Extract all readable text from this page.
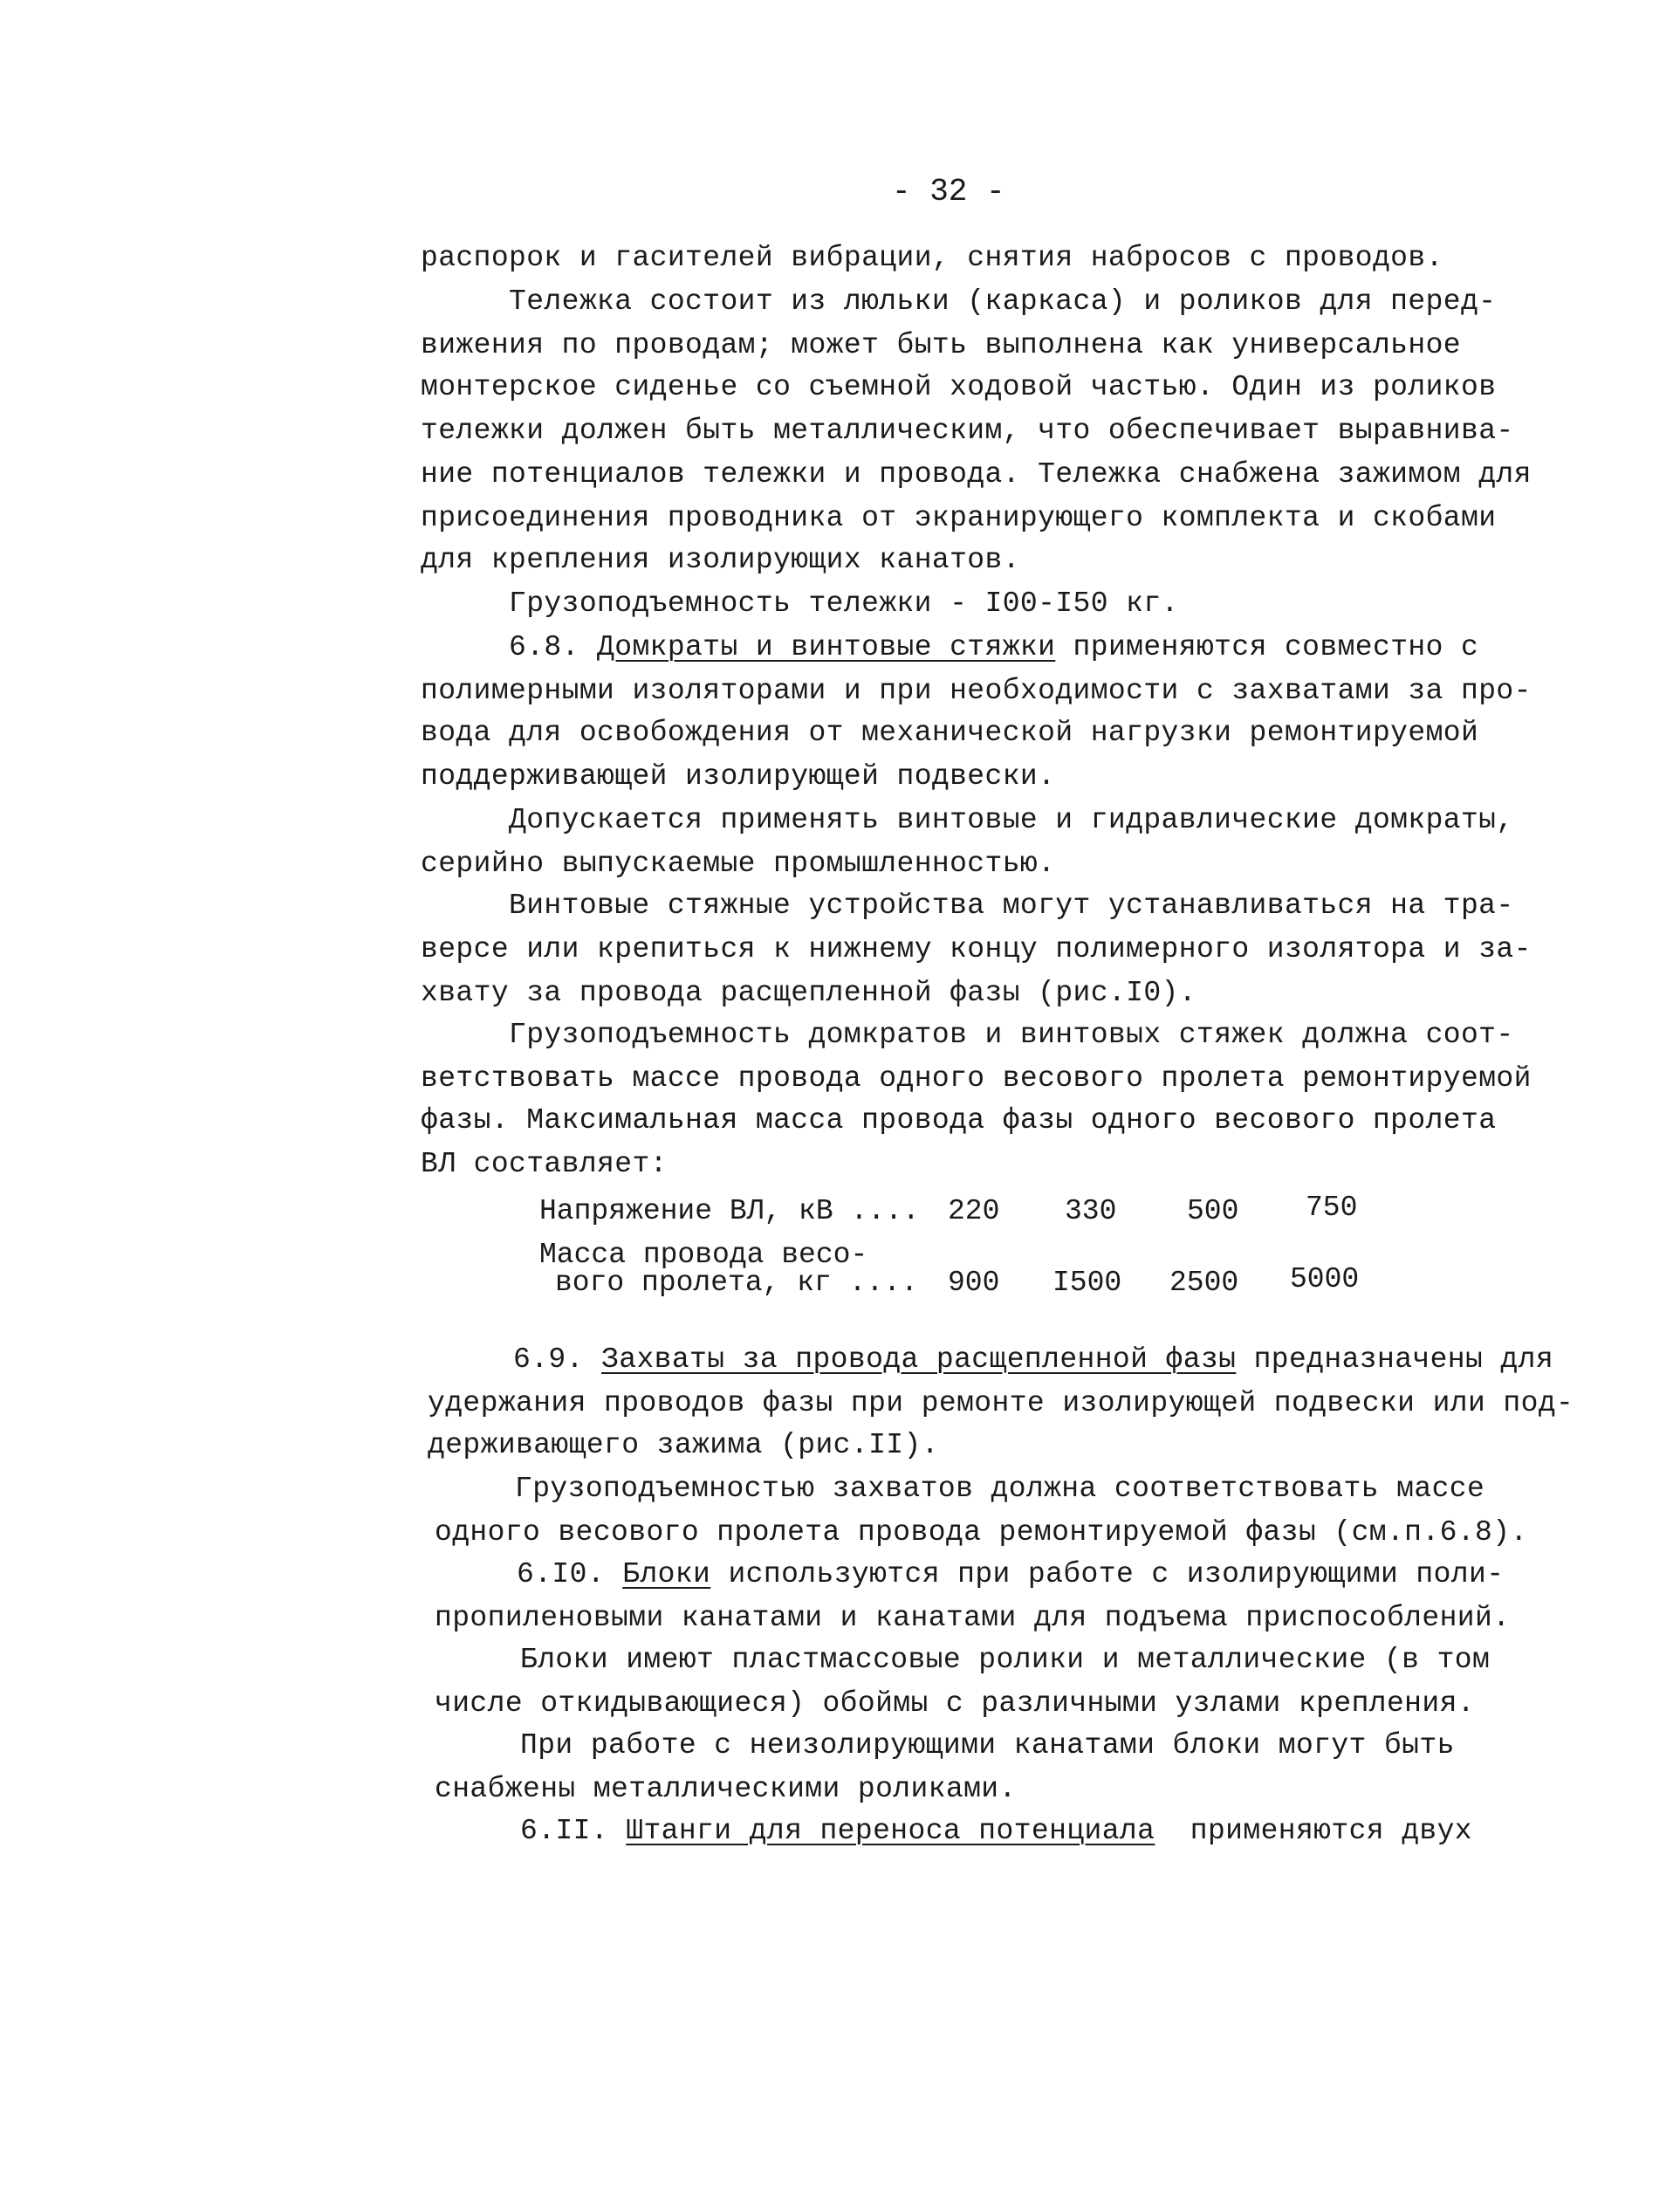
- 32 -
распорок и гасителей вибрации, снятия набросов с проводов.
Тележка состоит из люльки (каркаса) и роликов для перед-
вижения по проводам; может быть выполнена как универсальное
монтерское сиденье со съемной ходовой частью. Один из роликов
тележки должен быть металлическим, что обеспечивает выравнива-
ние потенциалов тележки и провода. Тележка снабжена зажимом для
присоединения проводника от экранирующего комплекта и скобами
для крепления изолирующих канатов.
Грузоподъемность тележки - I00-I50 кг.
6.8. Домкраты и винтовые стяжки применяются совместно с
полимерными изоляторами и при необходимости с захватами за про-
вода для освобождения от механической нагрузки ремонтируемой
поддерживающей изолирующей подвески.
Допускается применять винтовые и гидравлические домкраты,
серийно выпускаемые промышленностью.
Винтовые стяжные устройства могут устанавливаться на тра-
версе или крепиться к нижнему концу полимерного изолятора и за-
хвату за провода расщепленной фазы (рис.I0).
Грузоподъемность домкратов и винтовых стяжек должна соот-
ветствовать массе провода одного весового пролета ремонтируемой
фазы. Максимальная масса провода фазы одного весового пролета
ВЛ составляет:
Напряжение ВЛ, кВ .... 220 330 500 750
Масса провода весо-
вого пролета, кг .... 900 I500 2500 5000
6.9. Захваты за провода расщепленной фазы предназначены для
удержания проводов фазы при ремонте изолирующей подвески или под-
держивающего зажима (рис.II).
Грузоподъемностью захватов должна соответствовать массе
одного весового пролета провода ремонтируемой фазы (см.п.6.8).
6.I0. Блоки используются при работе с изолирующими поли-
пропиленовыми канатами и канатами для подъема приспособлений.
Блоки имеют пластмассовые ролики и металлические (в том
числе откидывающиеся) обоймы с различными узлами крепления.
При работе с неизолирующими канатами блоки могут быть
снабжены металлическими роликами.
6.II. Штанги для переноса потенциала  применяются двух
